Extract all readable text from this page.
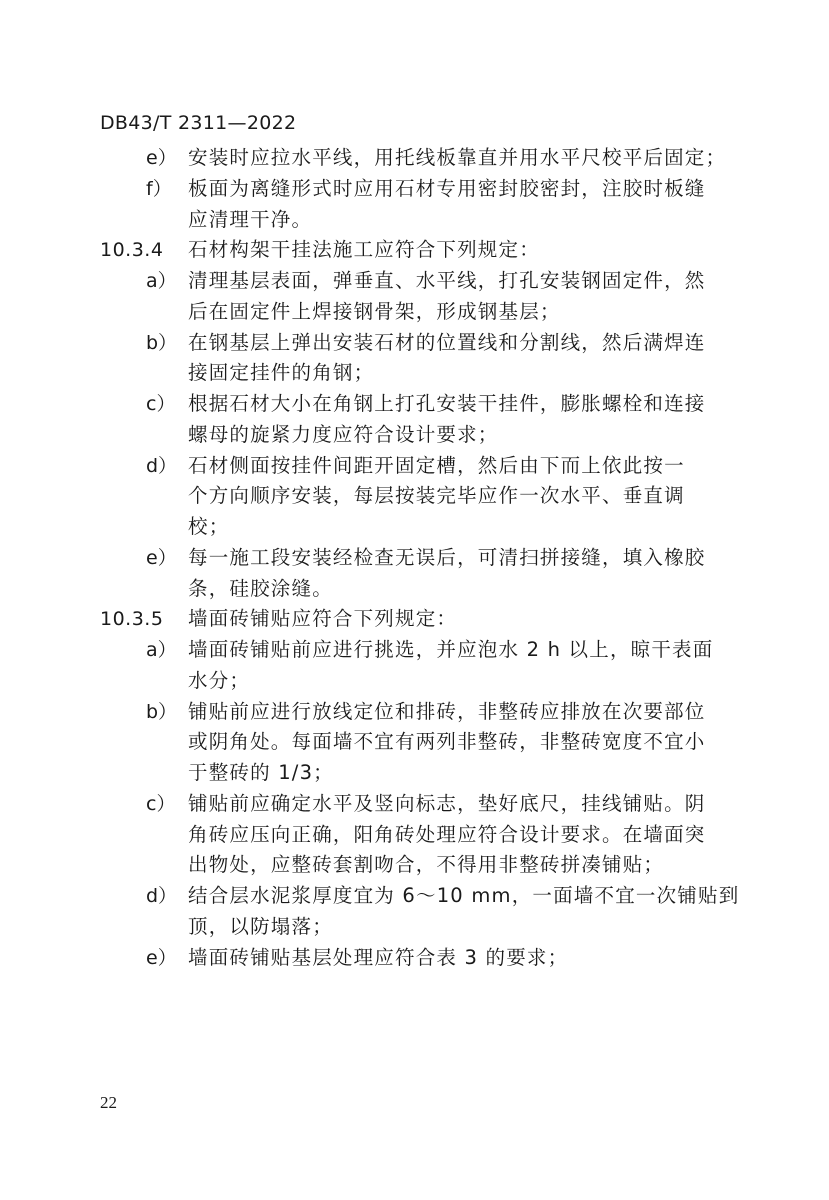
DB43/T 2311—2022
e） 安装时应拉水平线，用托线板靠直并用水平尺校平后固定；
f） 板面为离缝形式时应用石材专用密封胶密封，注胶时板缝
应清理干净。
10.3.4 石材构架干挂法施工应符合下列规定：
a） 清理基层表面，弹垂直、水平线，打孔安装钢固定件，然
后在固定件上焊接钢骨架，形成钢基层；
b） 在钢基层上弹出安装石材的位置线和分割线，然后满焊连
接固定挂件的角钢；
c） 根据石材大小在角钢上打孔安装干挂件，膨胀螺栓和连接
螺母的旋紧力度应符合设计要求；
d） 石材侧面按挂件间距开固定槽，然后由下而上依此按一
个方向顺序安装，每层按装完毕应作一次水平、垂直调
校；
e） 每一施工段安装经检查无误后，可清扫拼接缝，填入橡胶
条，硅胶涂缝。
10.3.5 墙面砖铺贴应符合下列规定：
a） 墙面砖铺贴前应进行挑选，并应泡水 2 h 以上，晾干表面
水分；
b） 铺贴前应进行放线定位和排砖，非整砖应排放在次要部位
或阴角处。每面墙不宜有两列非整砖，非整砖宽度不宜小
于整砖的 1/3；
c） 铺贴前应确定水平及竖向标志，垫好底尺，挂线铺贴。阴
角砖应压向正确，阳角砖处理应符合设计要求。在墙面突
出物处，应整砖套割吻合，不得用非整砖拼凑铺贴；
d） 结合层水泥浆厚度宜为 6～10 mm，一面墙不宜一次铺贴到
顶，以防塌落；
e） 墙面砖铺贴基层处理应符合表 3 的要求；
22
